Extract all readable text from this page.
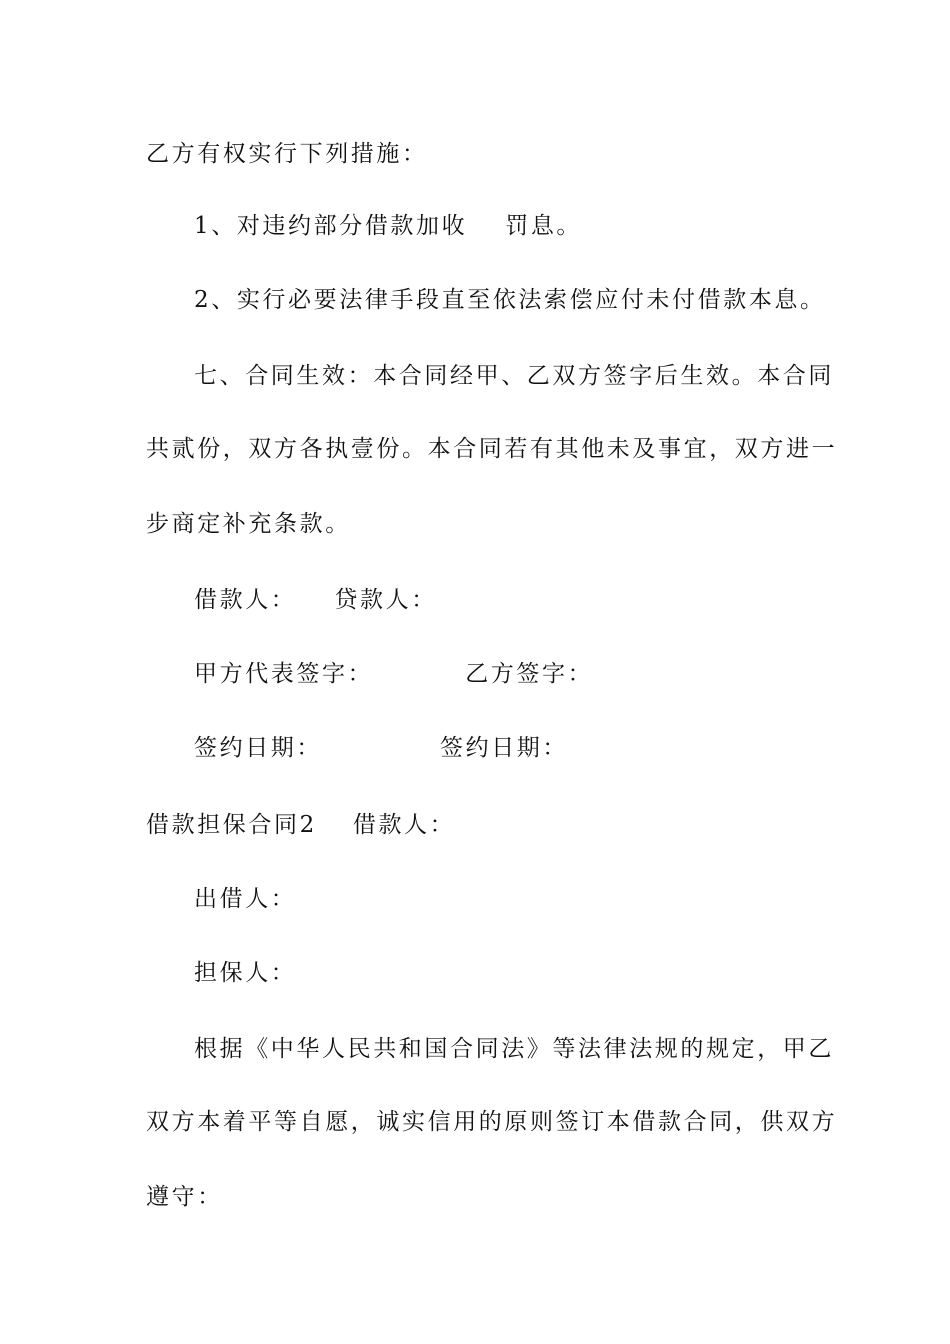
乙方有权实行下列措施：
1、对违约部分借款加收 罚息。
2、实行必要法律手段直至依法索偿应付未付借款本息。
七、合同生效：本合同经甲、乙双方签字后生效。本合同
共贰份，双方各执壹份。本合同若有其他未及事宜，双方进一
步商定补充条款。
借款人： 贷款人：
甲方代表签字：	乙方签字：
签约日期：	签约日期：
借款担保合同2 借款人：
出借人：
担保人：
根据《中华人民共和国合同法》等法律法规的规定，甲乙
双方本着平等自愿，诚实信用的原则签订本借款合同，供双方
遵守：
